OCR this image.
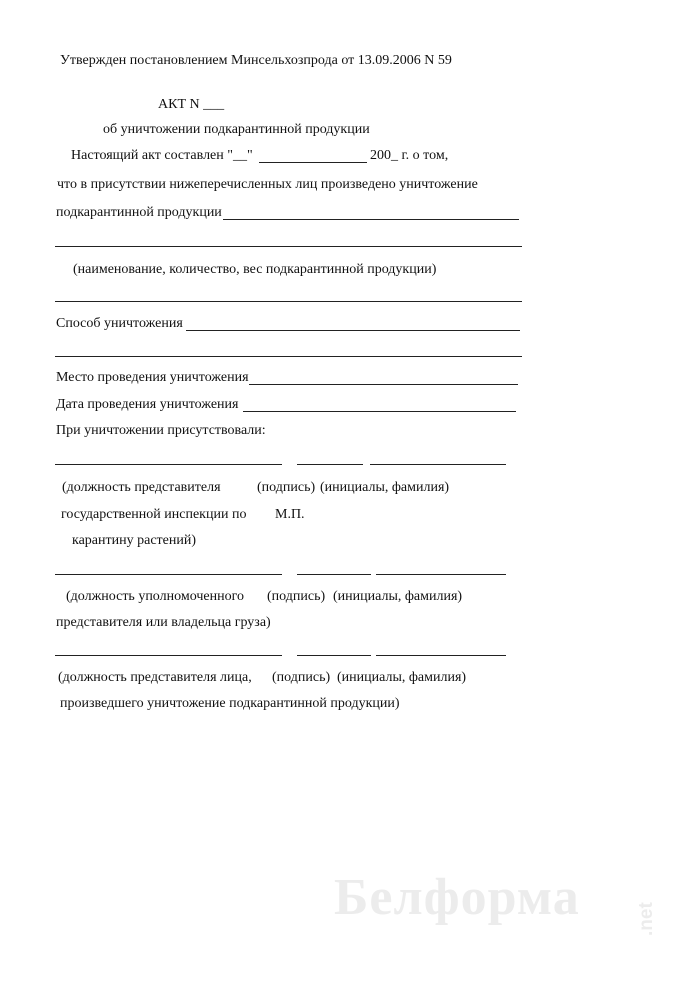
Утвержден постановлением Минсельхозпрода от 13.09.2006 N 59
АКТ N ___
об уничтожении подкарантинной продукции
Настоящий акт составлен "__"	200_ г. о том,
что в присутствии нижеперечисленных лиц произведено уничтожение
подкарантинной продукции
(наименование, количество, вес подкарантинной продукции)
Способ уничтожения
Место проведения уничтожения
Дата проведения уничтожения
При уничтожении присутствовали:
(должность представителя	(подпись) (инициалы, фамилия)
государственной инспекции по М.П.
карантину растений)
(должность уполномоченного (подпись) (инициалы, фамилия)
представителя или владельца груза)
(должность представителя лица, (подпись) (инициалы, фамилия)
произведшего уничтожение подкарантинной продукции)
Белформа	.net
